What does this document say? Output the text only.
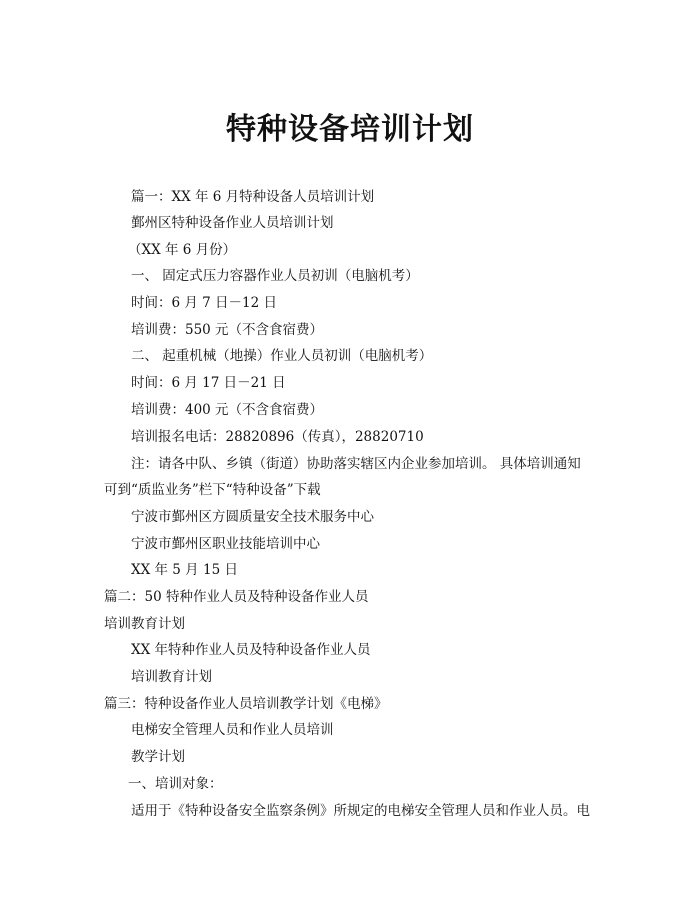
特种设备培训计划
篇一：XX 年 6 月特种设备人员培训计划
鄞州区特种设备作业人员培训计划
（XX 年 6 月份）
一、 固定式压力容器作业人员初训（电脑机考）
时间：6 月 7 日－12 日
培训费：550 元（不含食宿费）
二、 起重机械（地操）作业人员初训（电脑机考）
时间：6 月 17 日－21 日
培训费：400 元（不含食宿费）
培训报名电话：28820896（传真），28820710
注：请各中队、乡镇（街道）协助落实辖区内企业参加培训。 具体培训通知
可到“质监业务”栏下“特种设备”下载
宁波市鄞州区方圆质量安全技术服务中心
宁波市鄞州区职业技能培训中心
XX 年 5 月 15 日
篇二：50 特种作业人员及特种设备作业人员
培训教育计划
XX 年特种作业人员及特种设备作业人员
培训教育计划
篇三：特种设备作业人员培训教学计划《电梯》
电梯安全管理人员和作业人员培训
教学计划
一、培训对象：
适用于《特种设备安全监察条例》所规定的电梯安全管理人员和作业人员。电
